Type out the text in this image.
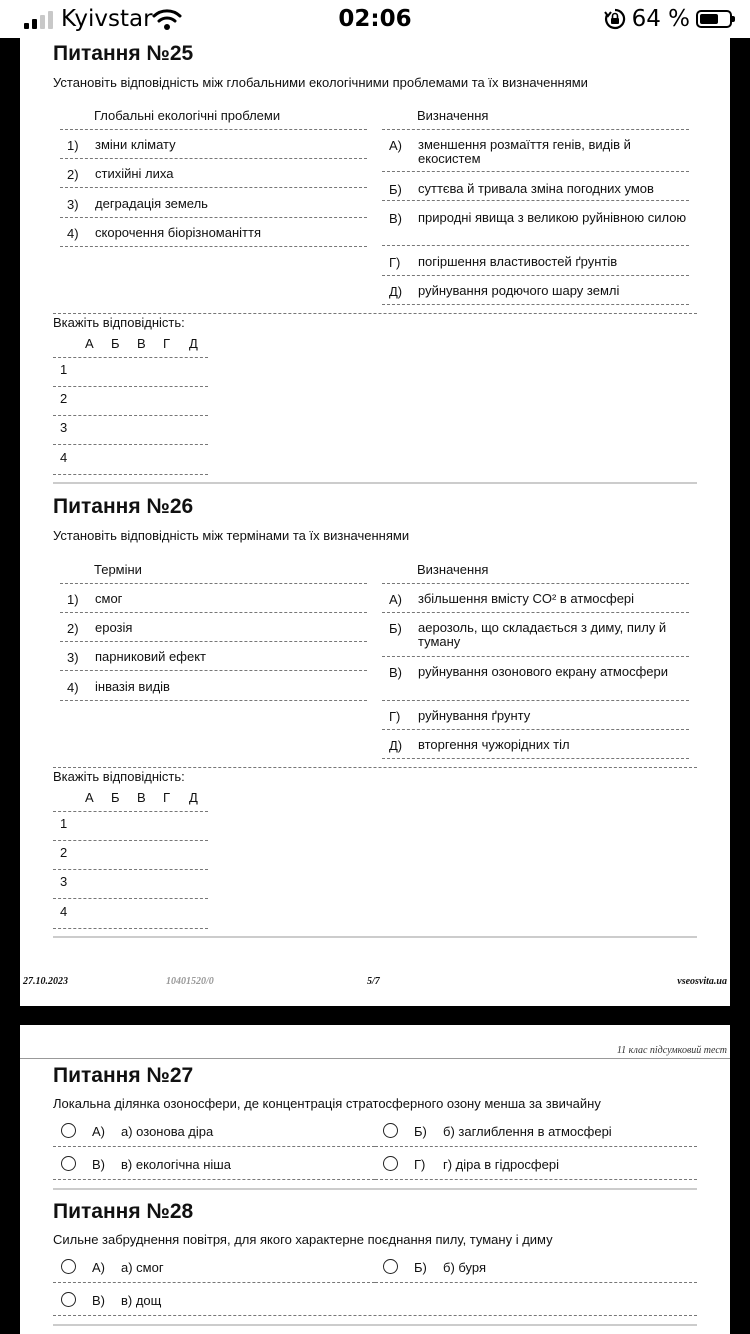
Kyivstar	02:06	64 %
Питання №25
Установіть відповідність між глобальними екологічними проблемами та їх визначеннями
Глобальні екологічні проблеми	Визначення
1) зміни клімату
2) стихійні лиха
3) деградація земель
4) скорочення біорізноманіття
А) зменшення розмаїття генів, видів й екосистем
Б) суттєва й тривала зміна погодних умов
В) природні явища з великою руйнівною силою
Г) погіршення властивостей ґрунтів
Д) руйнування родючого шару землі
Вкажіть відповідність:
А Б В Г Д
1
2
3
4
Питання №26
Установіть відповідність між термінами та їх визначеннями
Терміни	Визначення
1) смог
2) ерозія
3) парниковий ефект
4) інвазія видів
А) збільшення вмісту CO² в атмосфері
Б) аерозоль, що складається з диму, пилу й туману
В) руйнування озонового екрану атмосфери
Г) руйнування ґрунту
Д) вторгення чужорідних тіл
Вкажіть відповідність:
А Б В Г Д
1
2
3
4
27.10.2023	10401520/0	5/7	vseosvita.ua
11 клас підсумковий тест
Питання №27
Локальна ділянка озоносфери, де концентрація стратосферного озону менша за звичайну
А) а) озонова діра	Б) б) заглиблення в атмосфері
В) в) екологічна ніша	Г) г) діра в гідросфері
Питання №28
Сильне забруднення повітря, для якого характерне поєднання пилу, туману і диму
А) а) смог	Б) б) буря
В) в) дощ
